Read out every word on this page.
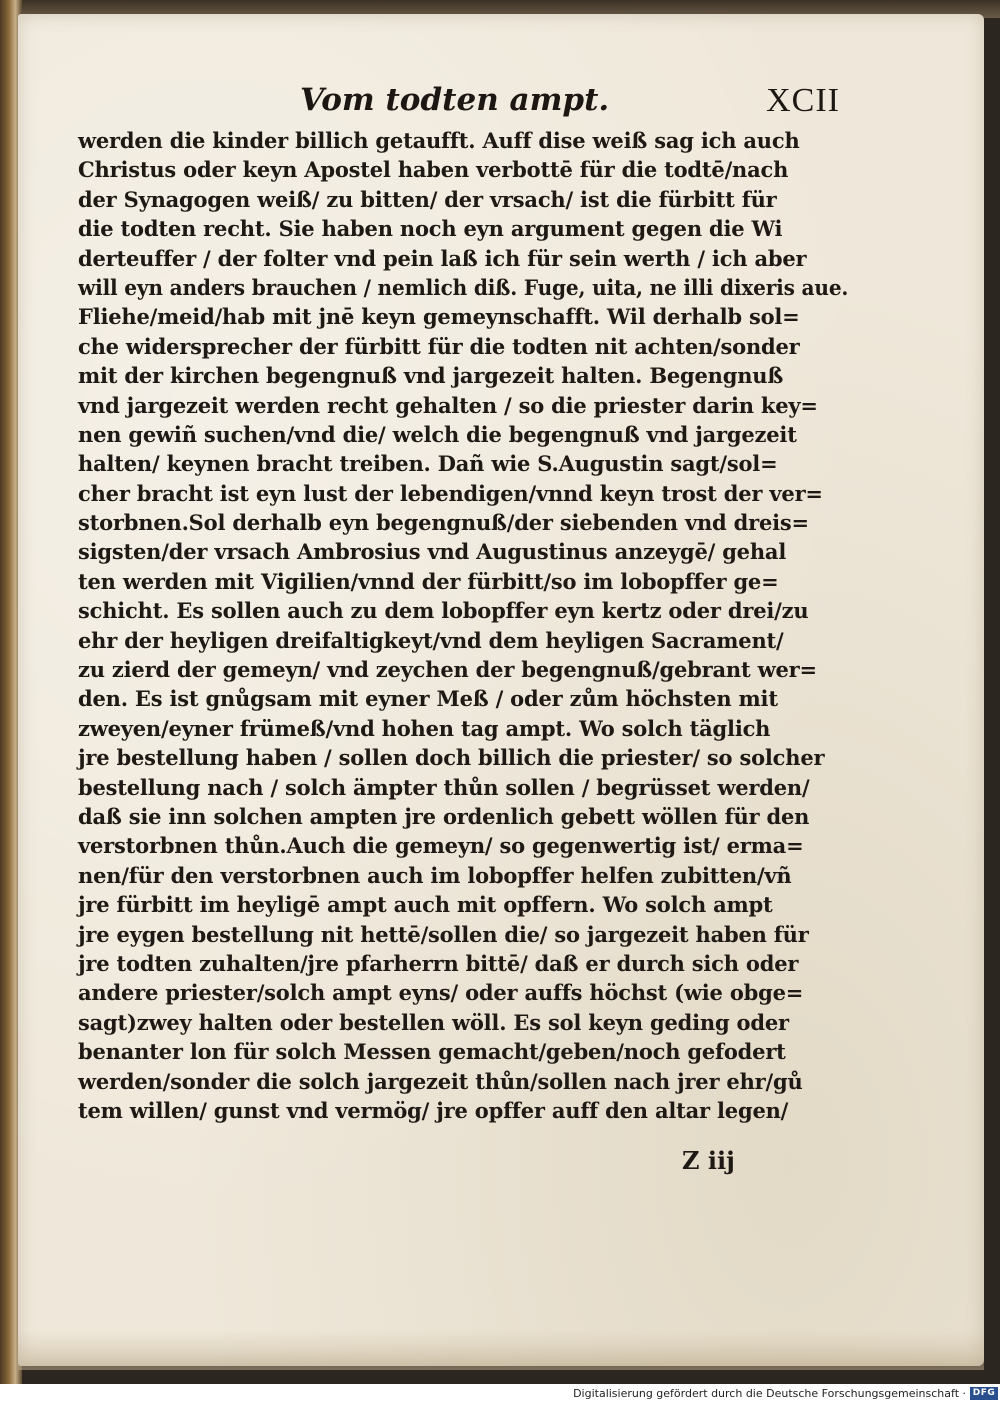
Vom todten ampt.	XCII
werden die kinder billich getaufft. Auff dise weiß sag ich auch
Christus oder keyn Apostel haben verbottē für die todtē/nach
der Synagogen weiß/ zu bitten/ der vrsach/ ist die fürbitt für
die todten recht. Sie haben noch eyn argument gegen die Wi
derteuffer / der folter vnd pein laß ich für sein werth / ich aber
will eyn anders brauchen / nemlich diß. Fuge, uita, ne illi dixeris aue.
Fliehe/meid/hab mit jnē keyn gemeynschafft. Wil derhalb sol=
che widersprecher der fürbitt für die todten nit achten/sonder
mit der kirchen begengnuß vnd jargezeit halten. Begengnuß
vnd jargezeit werden recht gehalten / so die priester darin key=
nen gewiñ suchen/vnd die/ welch die begengnuß vnd jargezeit
halten/ keynen bracht treiben. Dañ wie S.Augustin sagt/sol=
cher bracht ist eyn lust der lebendigen/vnnd keyn trost der ver=
storbnen.Sol derhalb eyn begengnuß/der siebenden vnd dreis=
sigsten/der vrsach Ambrosius vnd Augustinus anzeygē/ gehal
ten werden mit Vigilien/vnnd der fürbitt/so im lobopffer ge=
schicht. Es sollen auch zu dem lobopffer eyn kertz oder drei/zu
ehr der heyligen dreifaltigkeyt/vnd dem heyligen Sacrament/
zu zierd der gemeyn/ vnd zeychen der begengnuß/gebrant wer=
den. Es ist gnůgsam mit eyner Meß / oder zům höchsten mit
zweyen/eyner frümeß/vnd hohen tag ampt. Wo solch täglich
jre bestellung haben / sollen doch billich die priester/ so solcher
bestellung nach / solch ämpter thůn sollen / begrüsset werden/
daß sie inn solchen ampten jre ordenlich gebett wöllen für den
verstorbnen thůn.Auch die gemeyn/ so gegenwertig ist/ erma=
nen/für den verstorbnen auch im lobopffer helfen zubitten/vñ
jre fürbitt im heyligē ampt auch mit opffern. Wo solch ampt
jre eygen bestellung nit hettē/sollen die/ so jargezeit haben für
jre todten zuhalten/jre pfarherrn bittē/ daß er durch sich oder
andere priester/solch ampt eyns/ oder auffs höchst (wie obge=
sagt)zwey halten oder bestellen wöll. Es sol keyn geding oder
benanter lon für solch Messen gemacht/geben/noch gefodert
werden/sonder die solch jargezeit thůn/sollen nach jrer ehr/gů
tem willen/ gunst vnd vermög/ jre opffer auff den altar legen/
Z iij
Digitalisierung gefördert durch die Deutsche Forschungsgemeinschaft · DFG
